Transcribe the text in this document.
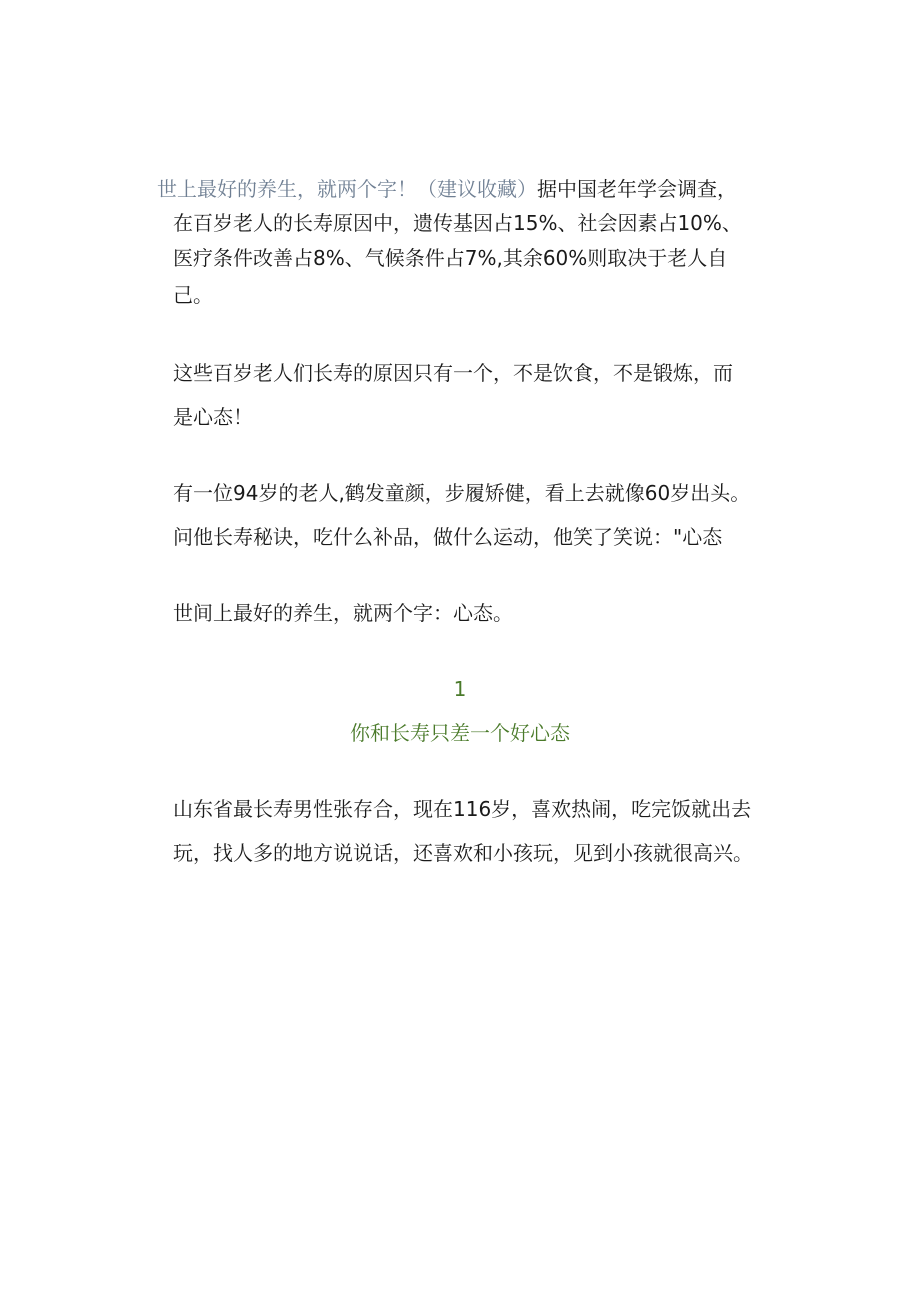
世上最好的养生，就两个字！（建议收藏）据中国老年学会调查，

在百岁老人的长寿原因中，遗传基因占15%、社会因素占10%、

医疗条件改善占8%、气候条件占7%,其余60%则取决于老人自

己。

这些百岁老人们长寿的原因只有一个，不是饮食，不是锻炼，而

是心态！

有一位94岁的老人,鹤发童颜，步履矫健，看上去就像60岁出头。

问他长寿秘诀，吃什么补品，做什么运动，他笑了笑说："心态

世间上最好的养生，就两个字：心态。

1

你和长寿只差一个好心态

山东省最长寿男性张存合，现在116岁，喜欢热闹，吃完饭就出去

玩，找人多的地方说说话，还喜欢和小孩玩，见到小孩就很高兴。
